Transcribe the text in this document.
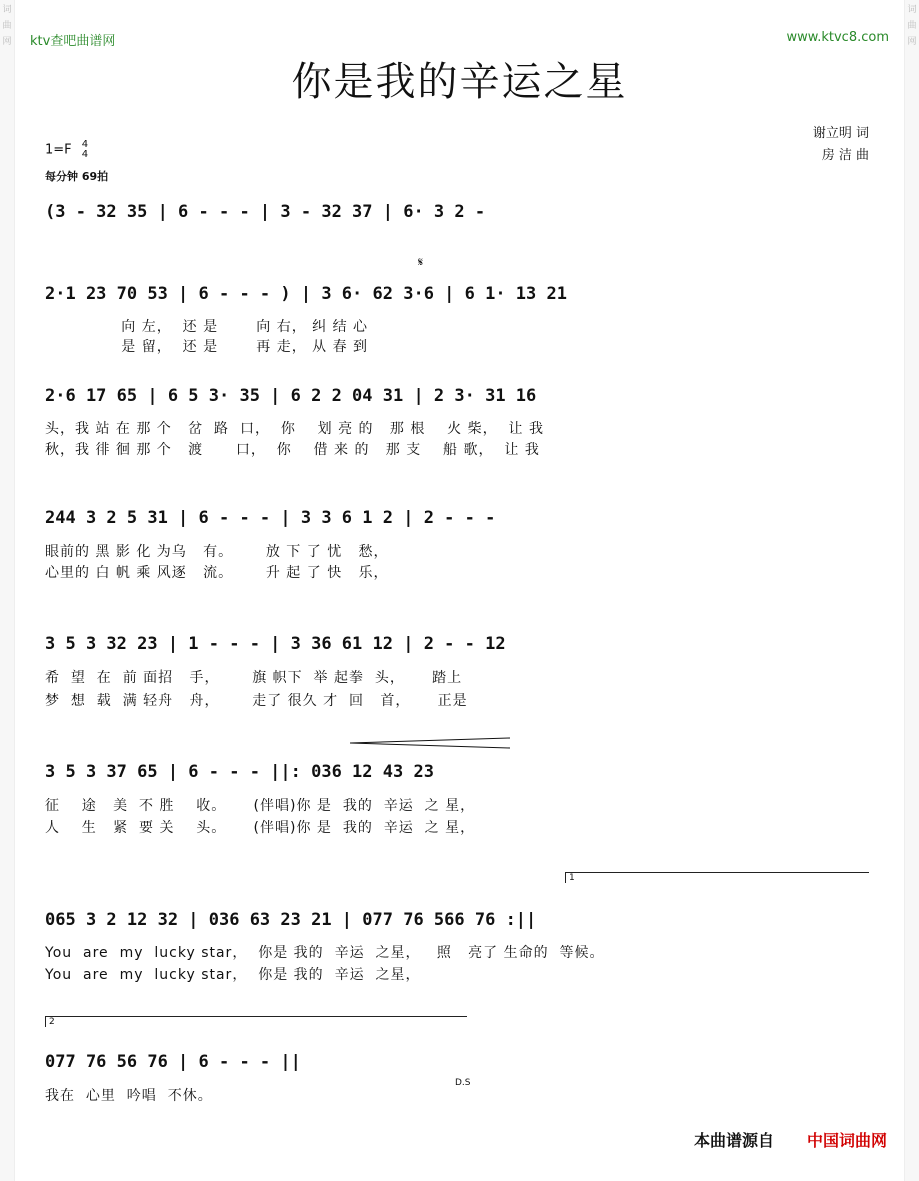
词
曲
网
词
曲
网
ktv查吧曲谱网	www.ktvc8.com
你是我的辛运之星
谢立明 词
房 洁 曲
1=F 4
4
每分钟 69拍
(3 - 32 35 | 6 - - - | 3 - 32 37 | 6· 3 2 -
𝄋
2·1 23 70 53 | 6 - - - ) | 3 6· 62 3·6 | 6 1· 13 21
向 左，  还 是       向 右， 纠 结 心
是 留，  还 是       再 走， 从 春 到
2·6 17 65 | 6 5 3· 35 | 6 2 2 04 31 | 2 3· 31 16
头，我 站 在 那 个   岔  路  口，  你    划 亮 的   那 根    火 柴，  让 我
秋，我 徘 徊 那 个   渡      口，  你    借 来 的   那 支    船 歌，  让 我
244 3 2 5 31 | 6 - - - | 3 3 6 1 2 | 2 - - -
眼前的 黑 影 化 为乌   有。      放 下 了 忧   愁，
心里的 白 帆 乘 风逐   流。      升 起 了 快   乐，
3 5 3 32 23 | 1 - - - | 3 36 61 12 | 2 - - 12
希  望  在  前 面招   手，      旗 帜下  举 起拳  头，     踏上
梦  想  载  满 轻舟   舟，      走了 很久 才  回   首，     正是
3 5 3 37 65 | 6 - - - ||: 036 12 43 23
征    途   美  不 胜    收。     (伴唱)你 是  我的  辛运  之 星，
人    生   紧  要 关    头。     (伴唱)你 是  我的  辛运  之 星，
1
065 3 2 12 32 | 036 63 23 21 | 077 76 566 76 :||
You  are  my  lucky star，  你是 我的  辛运  之星，   照   亮了 生命的  等候。
You  are  my  lucky star，  你是 我的  辛运  之星，
2
077 76 56 76 | 6 - - - ||
D.S
我在  心里  吟唱  不休。
本曲谱源自 中国词曲网
